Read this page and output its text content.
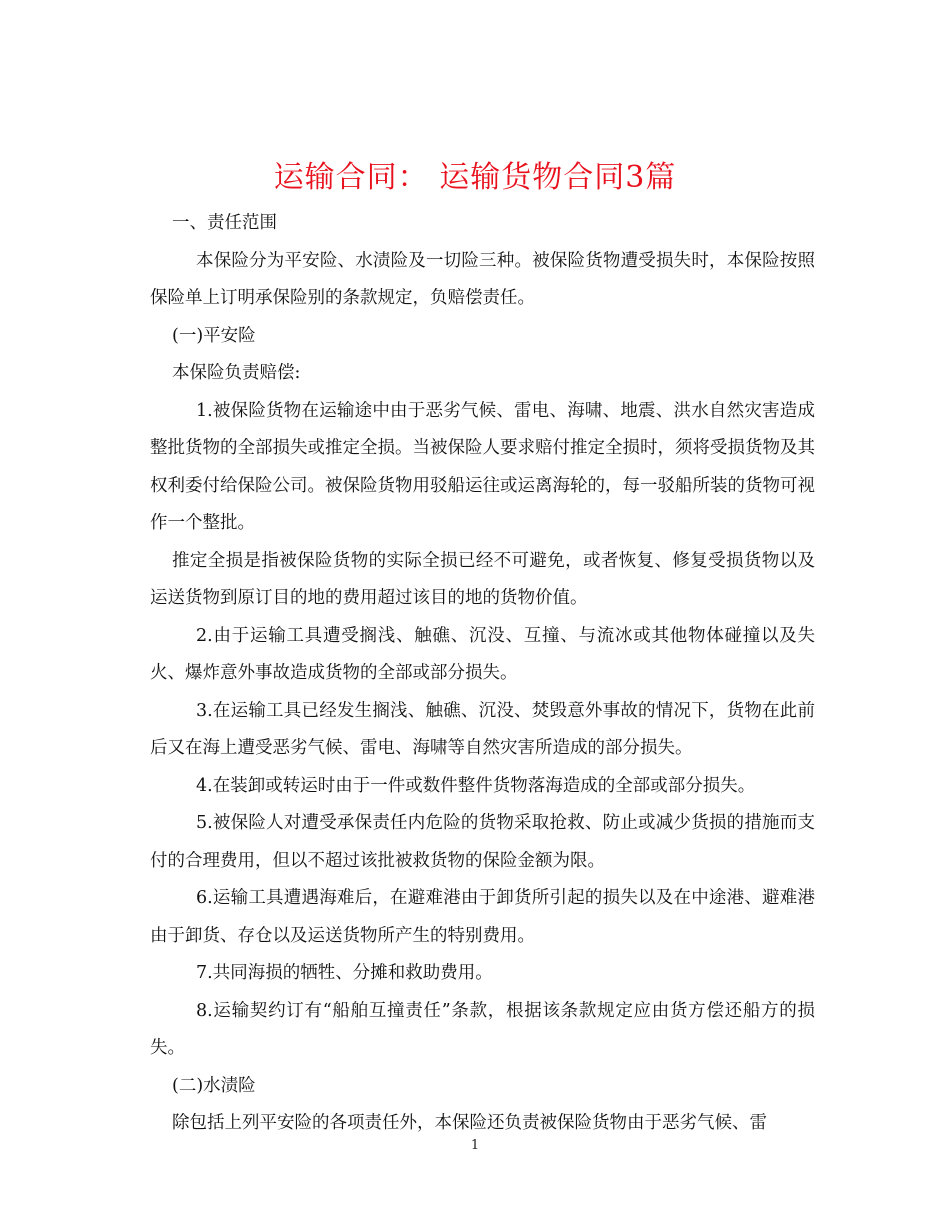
运输合同： 运输货物合同3篇

一、责任范围

本保险分为平安险、水渍险及一切险三种。被保险货物遭受损失时，本保险按照保险单上订明承保险别的条款规定，负赔偿责任。

(一)平安险

本保险负责赔偿:

1.被保险货物在运输途中由于恶劣气候、雷电、海啸、地震、洪水自然灾害造成整批货物的全部损失或推定全损。当被保险人要求赔付推定全损时，须将受损货物及其权利委付给保险公司。被保险货物用驳船运往或运离海轮的，每一驳船所装的货物可视作一个整批。

推定全损是指被保险货物的实际全损已经不可避免，或者恢复、修复受损货物以及运送货物到原订目的地的费用超过该目的地的货物价值。

2.由于运输工具遭受搁浅、触礁、沉没、互撞、与流冰或其他物体碰撞以及失火、爆炸意外事故造成货物的全部或部分损失。

3.在运输工具已经发生搁浅、触礁、沉没、焚毁意外事故的情况下，货物在此前后又在海上遭受恶劣气候、雷电、海啸等自然灾害所造成的部分损失。

4.在装卸或转运时由于一件或数件整件货物落海造成的全部或部分损失。

5.被保险人对遭受承保责任内危险的货物采取抢救、防止或减少货损的措施而支付的合理费用，但以不超过该批被救货物的保险金额为限。

6.运输工具遭遇海难后，在避难港由于卸货所引起的损失以及在中途港、避难港由于卸货、存仓以及运送货物所产生的特别费用。

7.共同海损的牺牲、分摊和救助费用。

8.运输契约订有“船舶互撞责任”条款，根据该条款规定应由货方偿还船方的损失。

(二)水渍险

除包括上列平安险的各项责任外，本保险还负责被保险货物由于恶劣气候、雷

1
